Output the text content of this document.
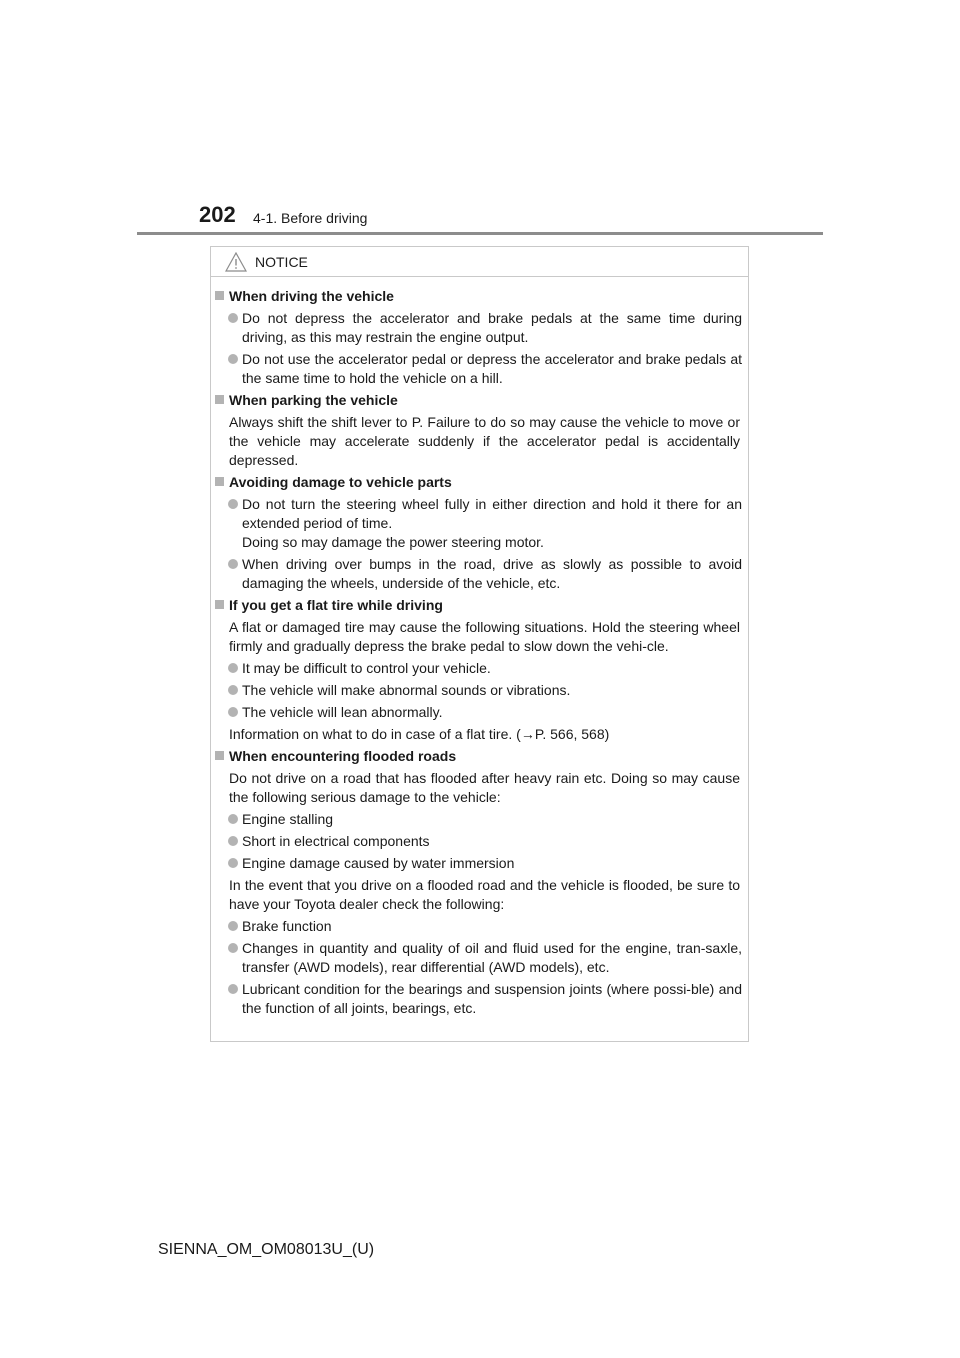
202 4-1. Before driving
NOTICE
When driving the vehicle
Do not depress the accelerator and brake pedals at the same time during driving, as this may restrain the engine output.
Do not use the accelerator pedal or depress the accelerator and brake pedals at the same time to hold the vehicle on a hill.
When parking the vehicle
Always shift the shift lever to P. Failure to do so may cause the vehicle to move or the vehicle may accelerate suddenly if the accelerator pedal is accidentally depressed.
Avoiding damage to vehicle parts
Do not turn the steering wheel fully in either direction and hold it there for an extended period of time.
Doing so may damage the power steering motor.
When driving over bumps in the road, drive as slowly as possible to avoid damaging the wheels, underside of the vehicle, etc.
If you get a flat tire while driving
A flat or damaged tire may cause the following situations. Hold the steering wheel firmly and gradually depress the brake pedal to slow down the vehi-cle.
It may be difficult to control your vehicle.
The vehicle will make abnormal sounds or vibrations.
The vehicle will lean abnormally.
Information on what to do in case of a flat tire. (→P. 566, 568)
When encountering flooded roads
Do not drive on a road that has flooded after heavy rain etc. Doing so may cause the following serious damage to the vehicle:
Engine stalling
Short in electrical components
Engine damage caused by water immersion
In the event that you drive on a flooded road and the vehicle is flooded, be sure to have your Toyota dealer check the following:
Brake function
Changes in quantity and quality of oil and fluid used for the engine, tran-saxle, transfer (AWD models), rear differential (AWD models), etc.
Lubricant condition for the bearings and suspension joints (where possi-ble) and the function of all joints, bearings, etc.
SIENNA_OM_OM08013U_(U)
